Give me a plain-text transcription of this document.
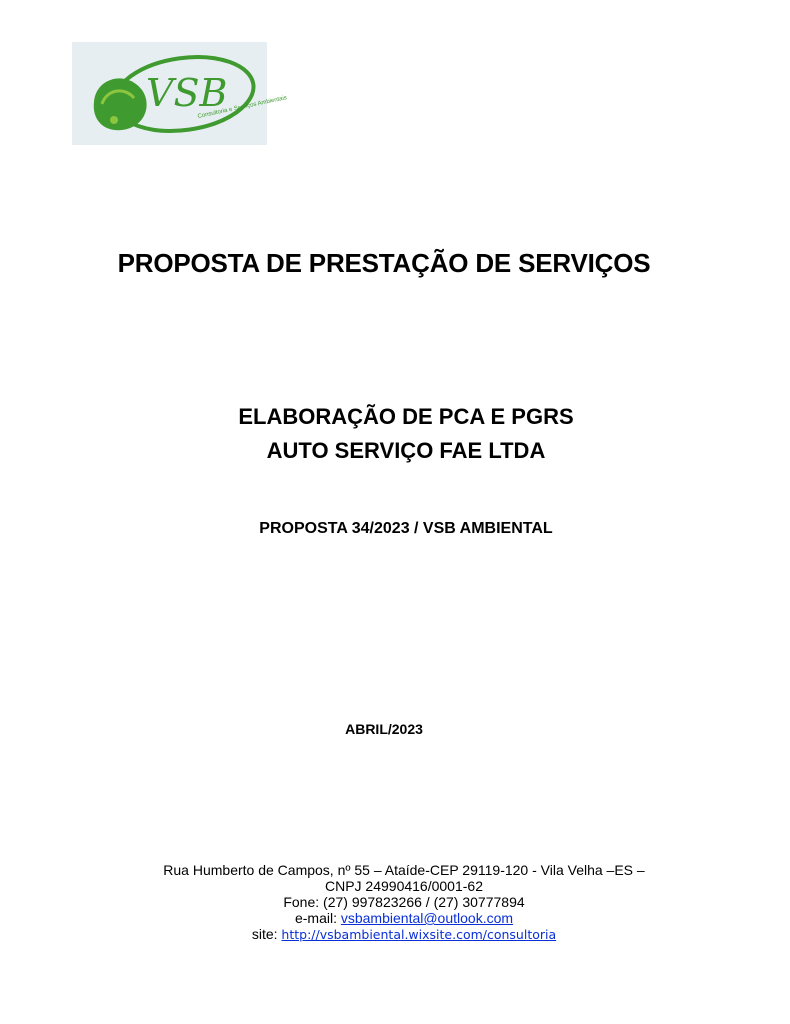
VSB
Consultoria e Serviços Ambientais
PROPOSTA DE PRESTAÇÃO DE SERVIÇOS
ELABORAÇÃO DE PCA E PGRS
AUTO SERVIÇO FAE LTDA
PROPOSTA 34/2023 / VSB AMBIENTAL
ABRIL/2023
Rua Humberto de Campos, nº 55 – Ataíde-CEP 29119-120 - Vila Velha –ES –
CNPJ 24990416/0001-62
Fone: (27) 997823266 / (27) 30777894
e-mail: vsbambiental@outlook.com
site: http://vsbambiental.wixsite.com/consultoria
